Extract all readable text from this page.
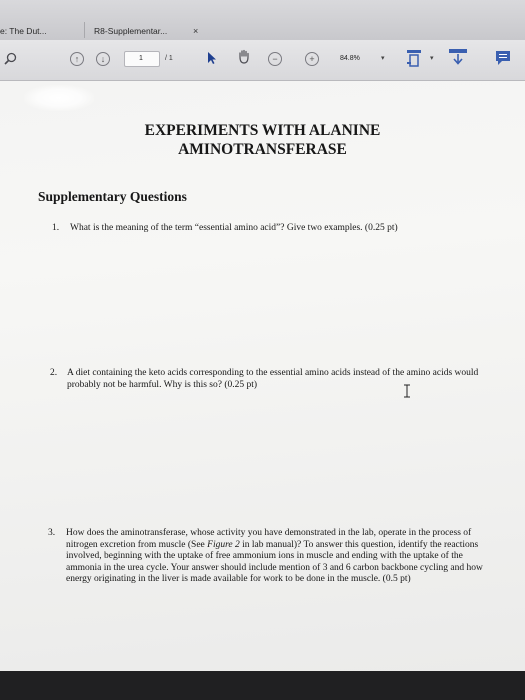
e: The Dut...	R8-Supplementar...	×
↑	↓	1	/ 1	−	+	84.8%	▾	▾
EXPERIMENTS WITH ALANINE
AMINOTRANSFERASE
Supplementary Questions
1. What is the meaning of the term “essential amino acid”? Give two examples. (0.25 pt)
2. A diet containing the keto acids corresponding to the essential amino acids instead of the amino acids would probably not be harmful. Why is this so? (0.25 pt)
3. How does the aminotransferase, whose activity you have demonstrated in the lab, operate in the process of nitrogen excretion from muscle (See Figure 2 in lab manual)? To answer this question, identify the reactions involved, beginning with the uptake of free ammonium ions in muscle and ending with the uptake of the ammonia in the urea cycle. Your answer should include mention of 3 and 6 carbon backbone cycling and how energy originating in the liver is made available for work to be done in the muscle. (0.5 pt)
